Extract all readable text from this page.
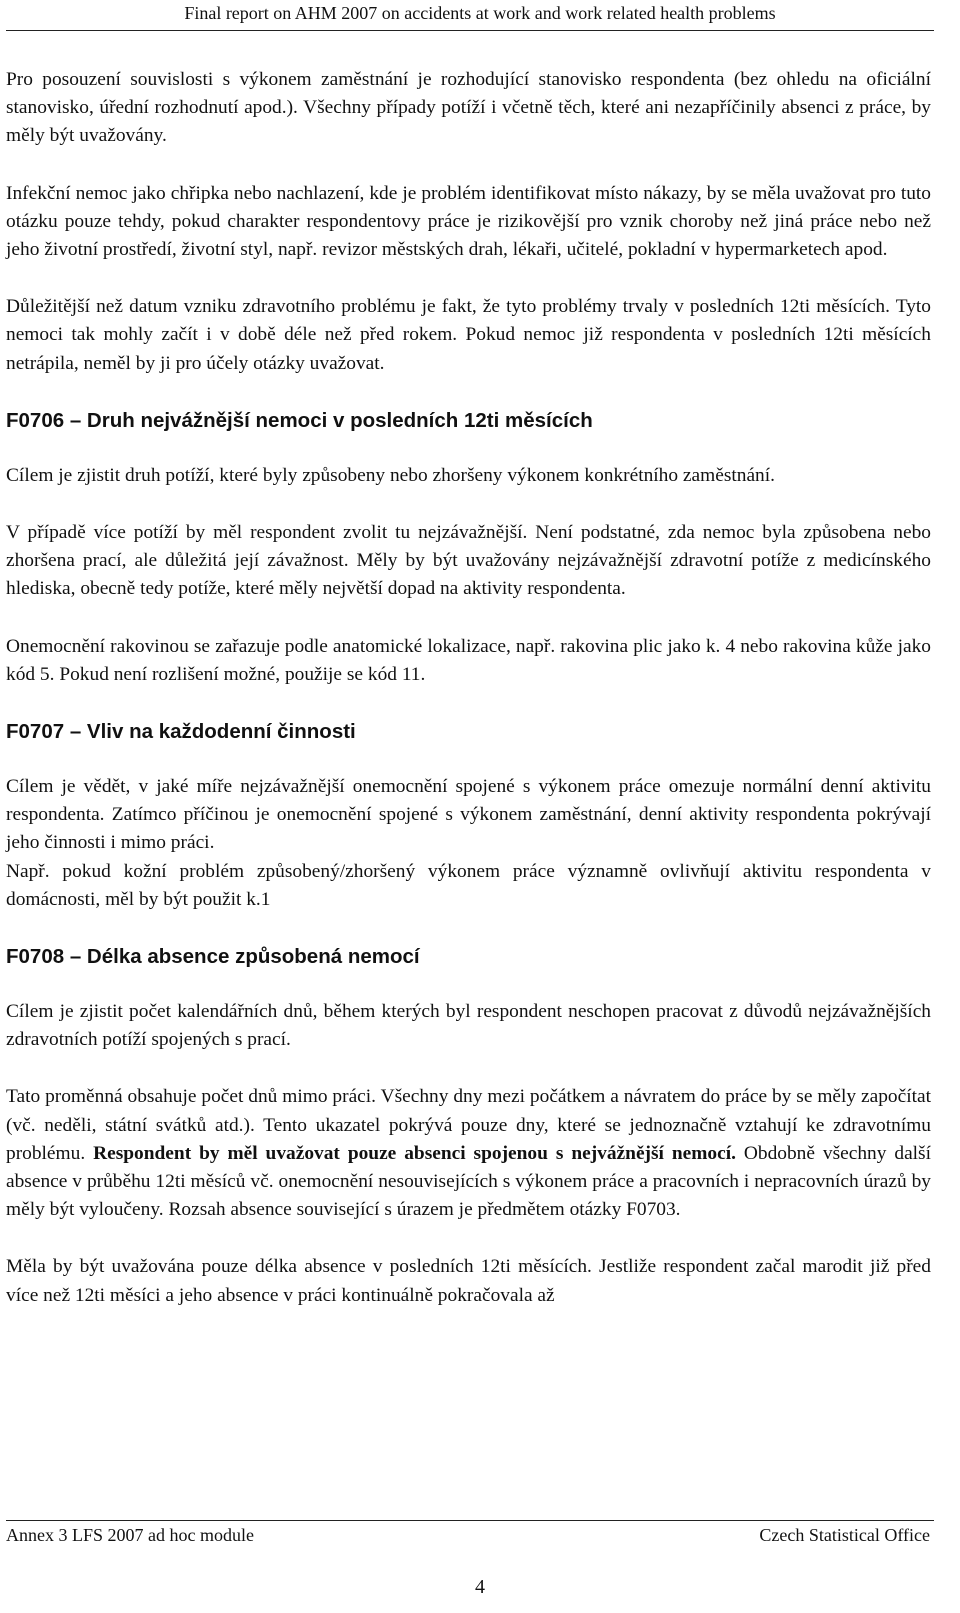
Final report on AHM 2007 on accidents at work and work related health problems

Pro posouzení souvislosti s výkonem zaměstnání je rozhodující stanovisko respondenta (bez ohledu na oficiální stanovisko, úřední rozhodnutí apod.). Všechny případy potíží i včetně těch, které ani nezapříčinily absenci z práce, by měly být uvažovány.

Infekční nemoc jako chřipka nebo nachlazení, kde je problém identifikovat místo nákazy, by se měla uvažovat pro tuto otázku pouze tehdy, pokud charakter respondentovy práce je rizikovější pro vznik choroby než jiná práce nebo než jeho životní prostředí, životní styl, např. revizor městských drah, lékaři, učitelé, pokladní v hypermarketech apod.

Důležitější než datum vzniku zdravotního problému je fakt, že tyto problémy trvaly v posledních 12ti měsících. Tyto nemoci tak mohly začít i v době déle než před rokem. Pokud nemoc již respondenta v posledních 12ti měsících netrápila, neměl by ji pro účely otázky uvažovat.

F0706 – Druh nejvážnější nemoci v posledních 12ti měsících

Cílem je zjistit druh potíží, které byly způsobeny nebo zhoršeny výkonem konkrétního zaměstnání.

V případě více potíží by měl respondent zvolit tu nejzávažnější. Není podstatné, zda nemoc byla způsobena nebo zhoršena prací, ale důležitá její závažnost. Měly by být uvažovány nejzávažnější zdravotní potíže z medicínského hlediska, obecně tedy potíže, které měly největší dopad na aktivity respondenta.

Onemocnění rakovinou se zařazuje podle anatomické lokalizace, např. rakovina plic jako k. 4 nebo rakovina kůže jako kód 5. Pokud není rozlišení možné, použije se kód 11.

F0707 – Vliv na každodenní činnosti

Cílem je vědět, v jaké míře nejzávažnější onemocnění spojené s výkonem práce omezuje normální denní aktivitu respondenta. Zatímco příčinou je onemocnění spojené s výkonem zaměstnání, denní aktivity respondenta pokrývají jeho činnosti i mimo práci.

Např. pokud kožní problém způsobený/zhoršený výkonem práce významně ovlivňují aktivitu respondenta v domácnosti, měl by být použit k.1

F0708 – Délka absence způsobená nemocí

Cílem je zjistit počet kalendářních dnů, během kterých byl respondent neschopen pracovat z důvodů nejzávažnějších zdravotních potíží spojených s prací.

Tato proměnná obsahuje počet dnů mimo práci. Všechny dny mezi počátkem a návratem do práce by se měly započítat (vč. neděli, státní svátků atd.). Tento ukazatel pokrývá pouze dny, které se jednoznačně vztahují ke zdravotnímu problému. Respondent by měl uvažovat pouze absenci spojenou s nejvážnější nemocí. Obdobně všechny další absence v průběhu 12ti měsíců vč. onemocnění nesouvisejících s výkonem práce a pracovních i nepracovních úrazů by měly být vyloučeny. Rozsah absence související s úrazem je předmětem otázky F0703.

Měla by být uvažována pouze délka absence v posledních 12ti měsících. Jestliže respondent začal marodit již před více než 12ti měsíci a jeho absence v práci kontinuálně pokračovala až

Annex 3 LFS 2007 ad hoc module	Czech Statistical Office
4
